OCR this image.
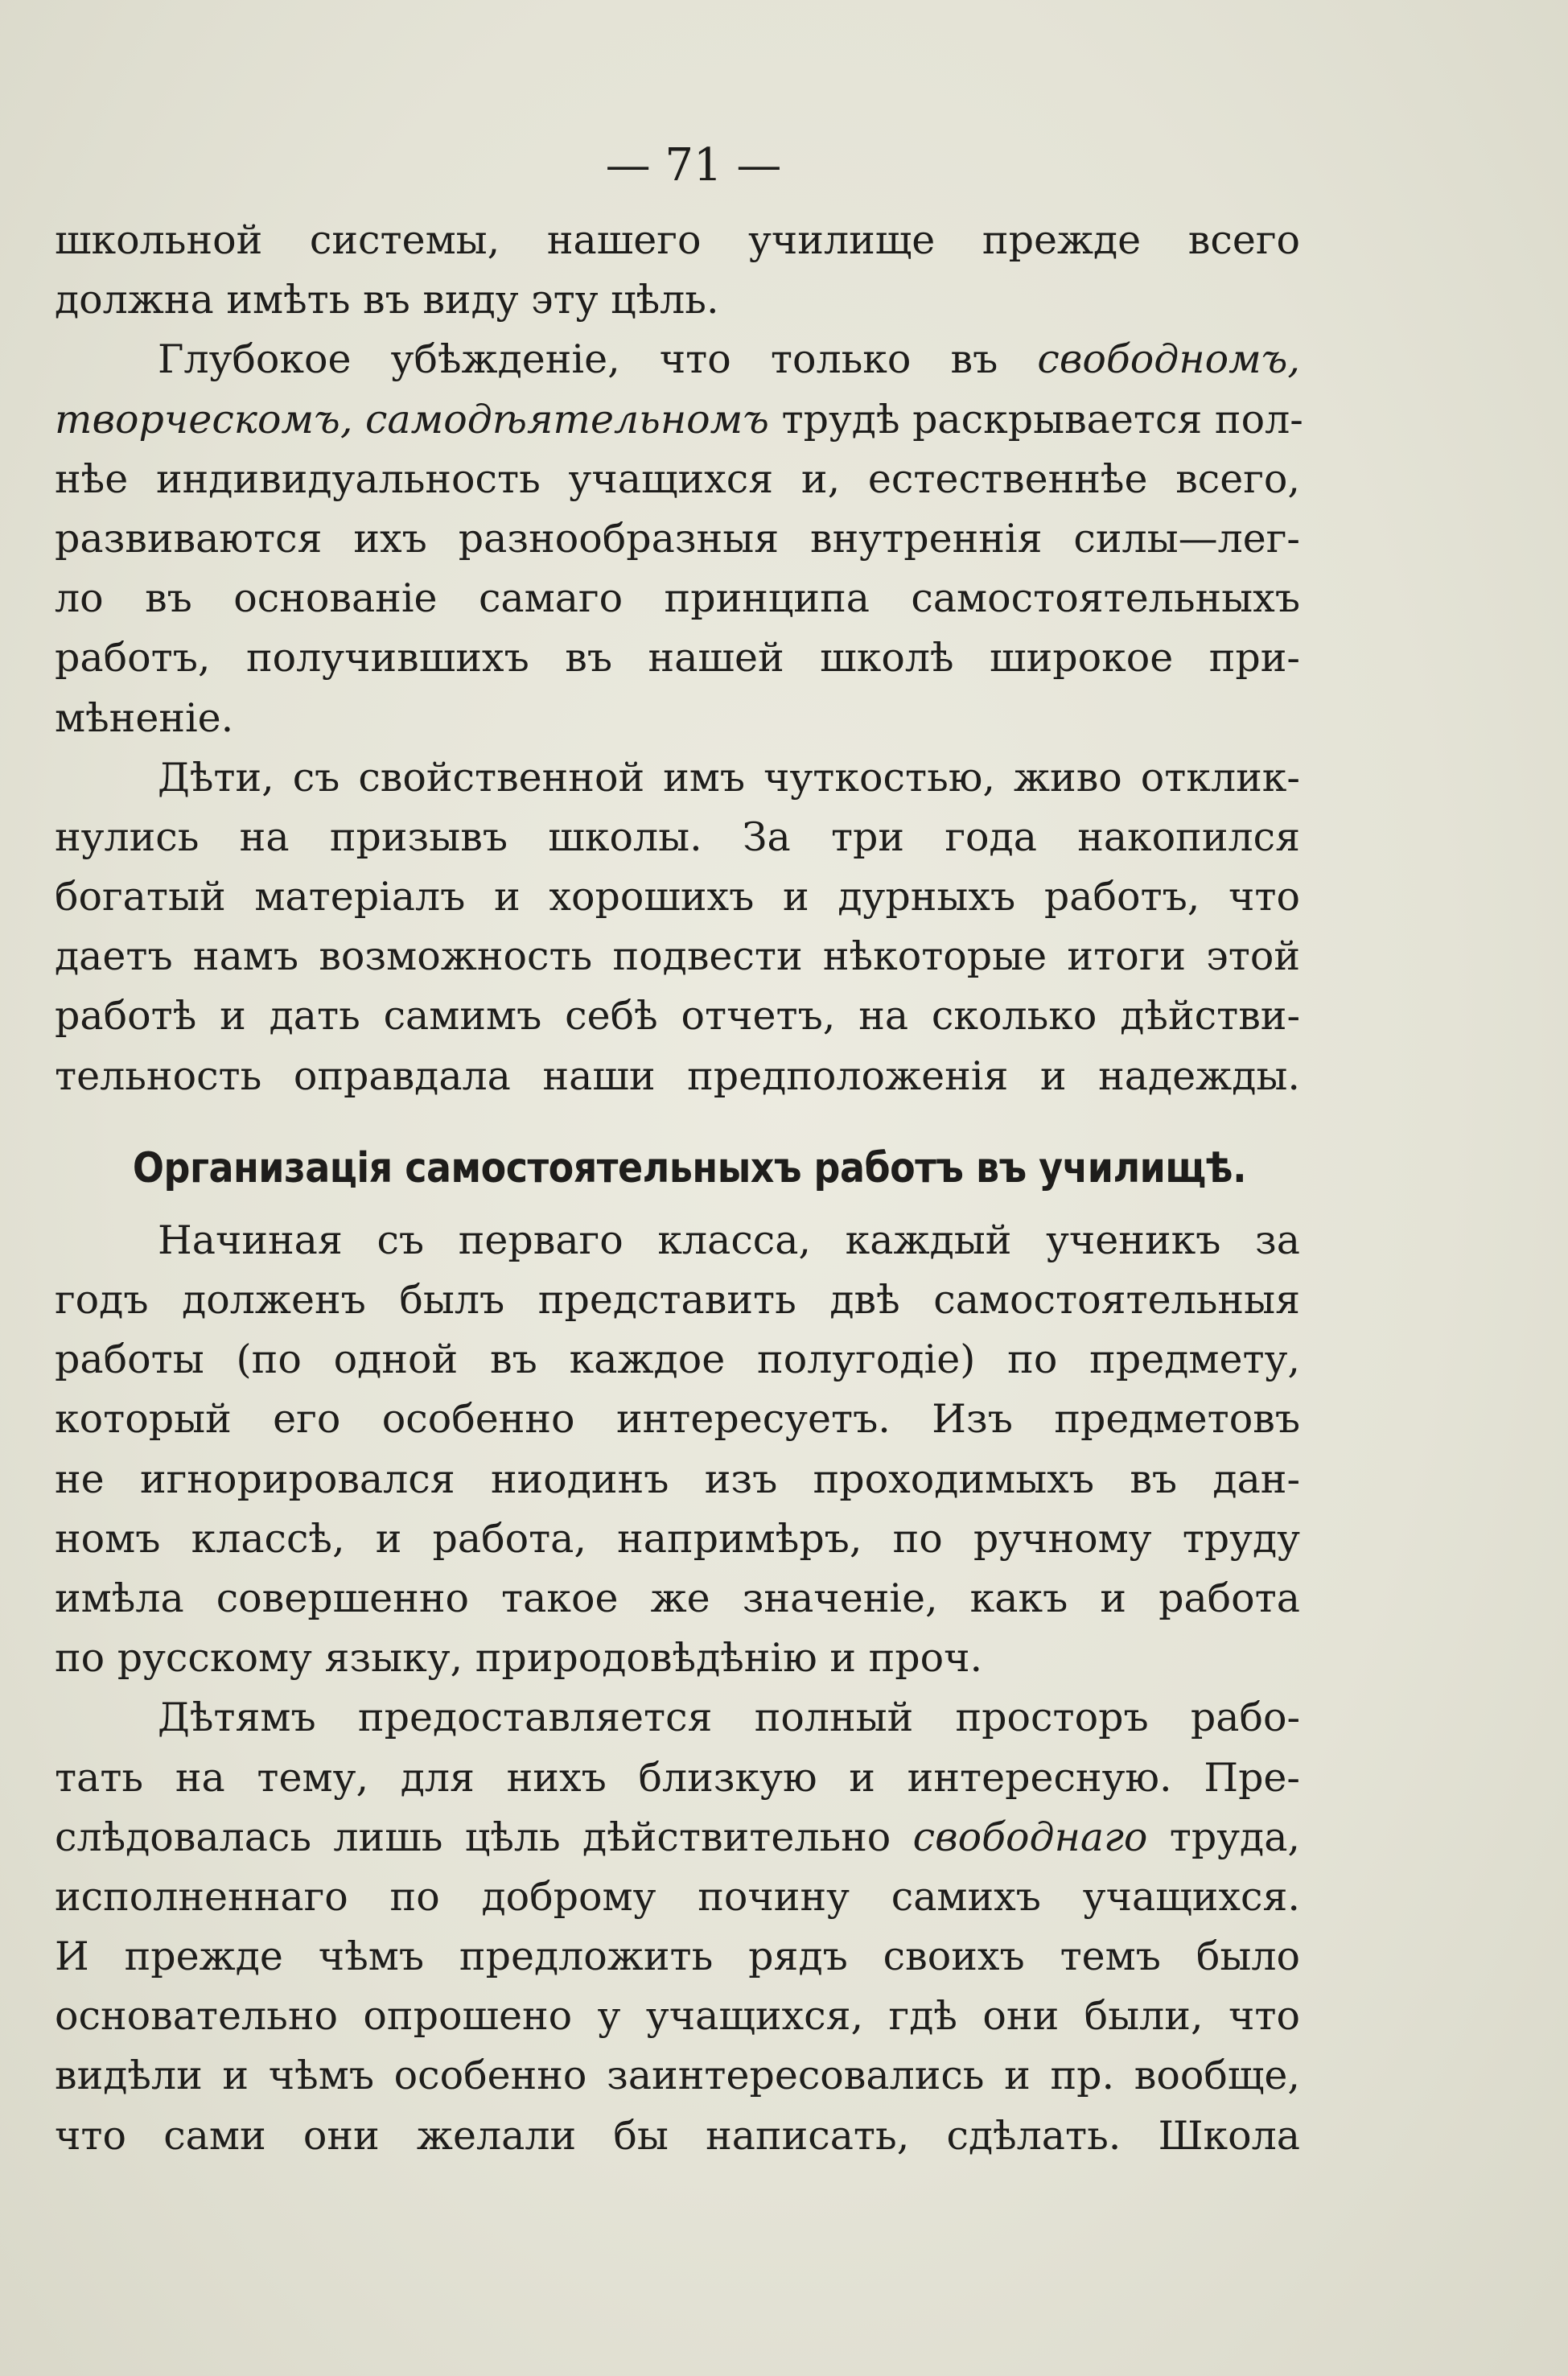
— 71 —
школьной системы, нашего училище прежде всего
должна имѣть въ виду эту цѣль.
Глубокое убѣжденіе, что только въ свободномъ,
творческомъ, самодѣятельномъ трудѣ раскрывается пол-
нѣе индивидуальность учащихся и, естественнѣе всего,
развиваются ихъ разнообразныя внутреннія силы—лег-
ло въ основаніе самаго принципа самостоятельныхъ
работъ, получившихъ въ нашей школѣ широкое при-
мѣненіе.
Дѣти, съ свойственной имъ чуткостью, живо отклик-
нулись на призывъ школы. За три года накопился
богатый матеріалъ и хорошихъ и дурныхъ работъ, что
даетъ намъ возможность подвести нѣкоторые итоги этой
работѣ и дать самимъ себѣ отчетъ, на сколько дѣйстви-
тельность оправдала наши предположенія и надежды.
Организація самостоятельныхъ работъ въ училищѣ.
Начиная съ перваго класса, каждый ученикъ за
годъ долженъ былъ представить двѣ самостоятельныя
работы (по одной въ каждое полугодіе) по предмету,
который его особенно интересуетъ. Изъ предметовъ
не игнорировался ниодинъ изъ проходимыхъ въ дан-
номъ классѣ, и работа, напримѣръ, по ручному труду
имѣла совершенно такое же значеніе, какъ и работа
по русскому языку, природовѣдѣнію и проч.
Дѣтямъ предоставляется полный просторъ рабо-
тать на тему, для нихъ близкую и интересную. Пре-
слѣдовалась лишь цѣль дѣйствительно свободнаго труда,
исполненнаго по доброму почину самихъ учащихся.
И прежде чѣмъ предложить рядъ своихъ темъ было
основательно опрошено у учащихся, гдѣ они были, что
видѣли и чѣмъ особенно заинтересовались и пр. вообще,
что сами они желали бы написать, сдѣлать. Школа
